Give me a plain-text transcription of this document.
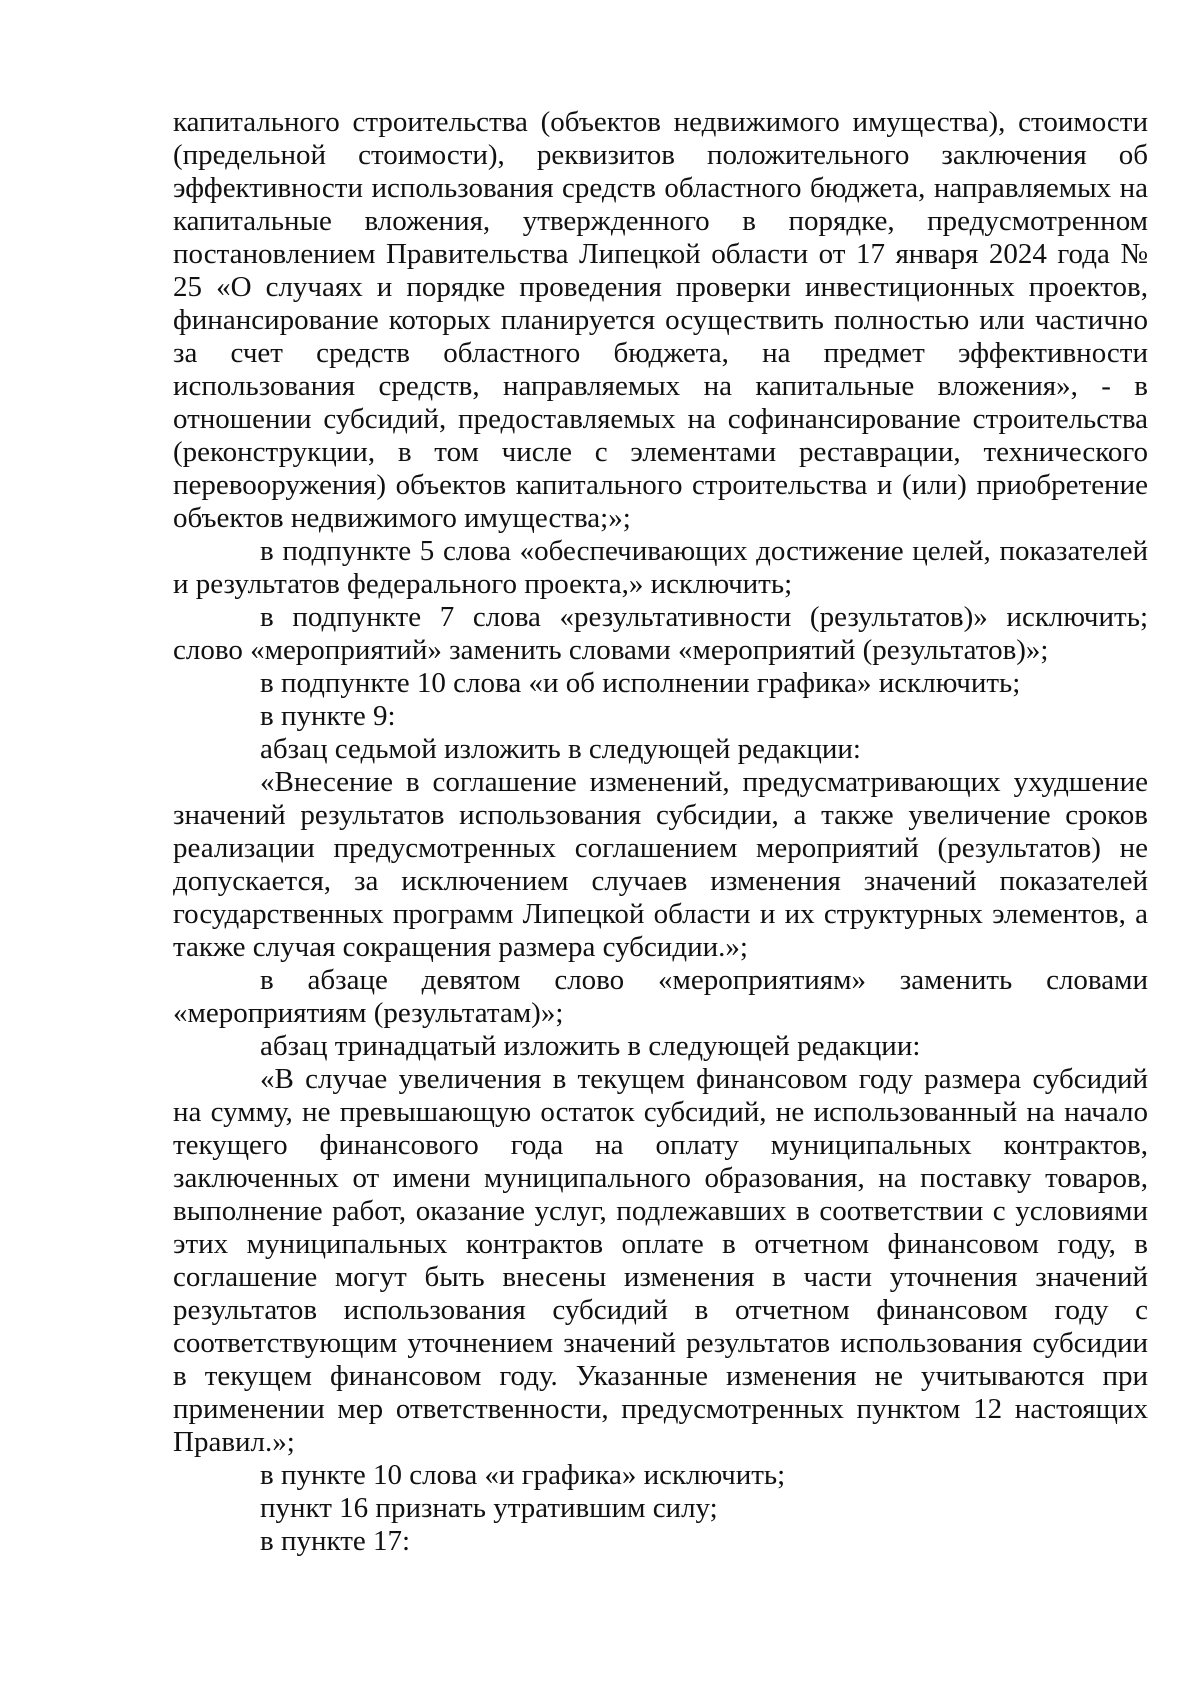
капитального строительства (объектов недвижимого имущества), стоимости (предельной стоимости), реквизитов положительного заключения об эффективности использования средств областного бюджета, направляемых на капитальные вложения, утвержденного в порядке, предусмотренном постановлением Правительства Липецкой области от 17 января 2024 года № 25 «О случаях и порядке проведения проверки инвестиционных проектов, финансирование которых планируется осуществить полностью или частично за счет средств областного бюджета, на предмет эффективности использования средств, направляемых на капитальные вложения», - в отношении субсидий, предоставляемых на софинансирование строительства (реконструкции, в том числе с элементами реставрации, технического перевооружения) объектов капитального строительства и (или) приобретение объектов недвижимого имущества;»;

в подпункте 5 слова «обеспечивающих достижение целей, показателей и результатов федерального проекта,» исключить;

в подпункте 7 слова «результативности (результатов)» исключить; слово «мероприятий» заменить словами «мероприятий (результатов)»;

в подпункте 10 слова «и об исполнении графика» исключить;

в пункте 9:

абзац седьмой изложить в следующей редакции:

«Внесение в соглашение изменений, предусматривающих ухудшение значений результатов использования субсидии, а также увеличение сроков реализации предусмотренных соглашением мероприятий (результатов) не допускается, за исключением случаев изменения значений показателей государственных программ Липецкой области и их структурных элементов, а также случая сокращения размера субсидии.»;

в абзаце девятом слово «мероприятиям» заменить словами «мероприятиям (результатам)»;

абзац тринадцатый изложить в следующей редакции:

«В случае увеличения в текущем финансовом году размера субсидий на сумму, не превышающую остаток субсидий, не использованный на начало текущего финансового года на оплату муниципальных контрактов, заключенных от имени муниципального образования, на поставку товаров, выполнение работ, оказание услуг, подлежавших в соответствии с условиями этих муниципальных контрактов оплате в отчетном финансовом году, в соглашение могут быть внесены изменения в части уточнения значений результатов использования субсидий в отчетном финансовом году с соответствующим уточнением значений результатов использования субсидии в текущем финансовом году. Указанные изменения не учитываются при применении мер ответственности, предусмотренных пунктом 12 настоящих Правил.»;

в пункте 10 слова «и графика» исключить;

пункт 16 признать утратившим силу;

в пункте 17:
